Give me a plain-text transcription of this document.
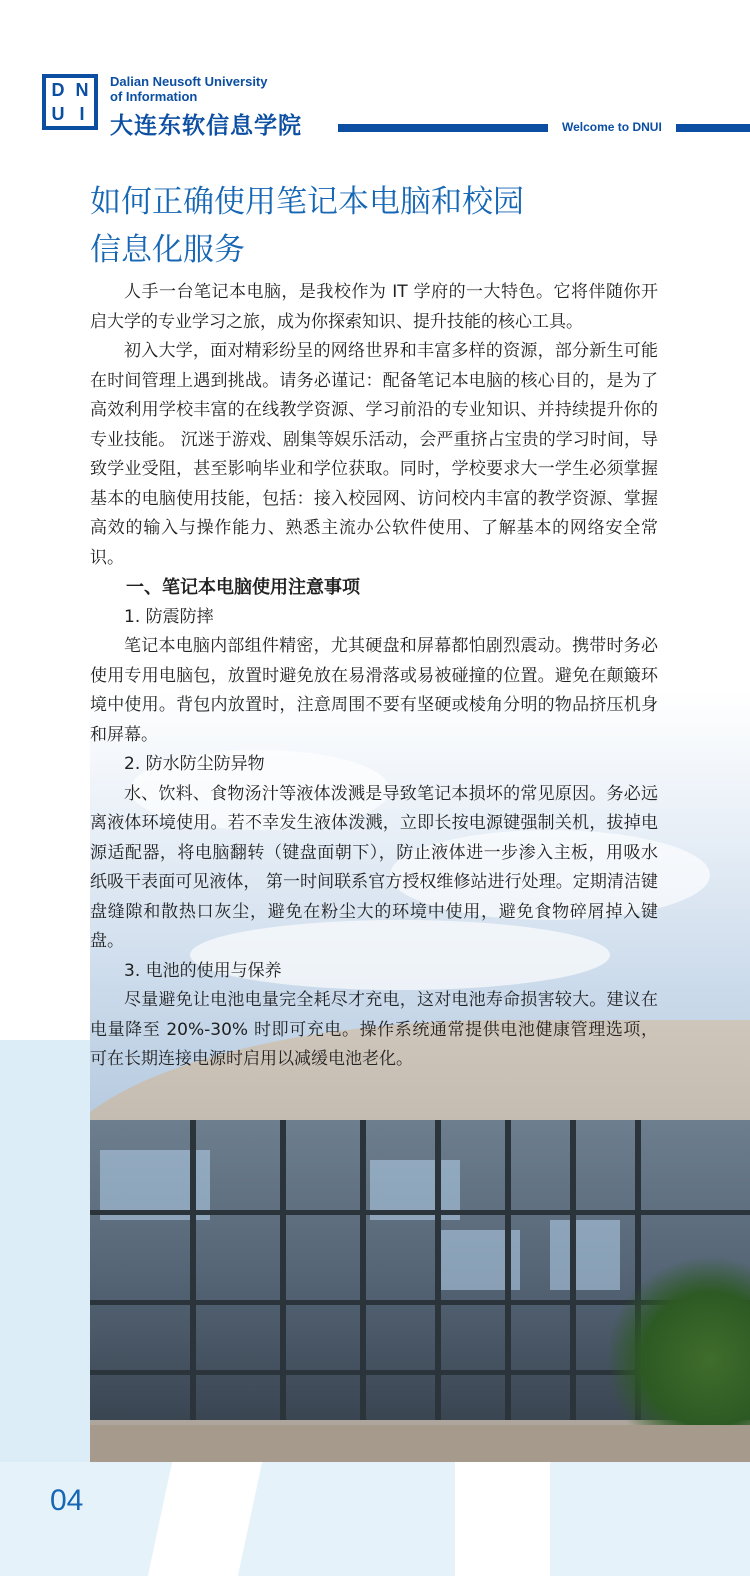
D N
U I
Dalian Neusoft University
of Information
大连东软信息学院	Welcome to DNUI
如何正确使用笔记本电脑和校园
信息化服务

人手一台笔记本电脑，是我校作为 IT 学府的一大特色。它将伴随你开启大学的专业学习之旅，成为你探索知识、提升技能的核心工具。

初入大学，面对精彩纷呈的网络世界和丰富多样的资源，部分新生可能在时间管理上遇到挑战。请务必谨记：配备笔记本电脑的核心目的，是为了高效利用学校丰富的在线教学资源、学习前沿的专业知识、并持续提升你的专业技能。 沉迷于游戏、剧集等娱乐活动，会严重挤占宝贵的学习时间，导致学业受阻，甚至影响毕业和学位获取。同时，学校要求大一学生必须掌握基本的电脑使用技能，包括：接入校园网、访问校内丰富的教学资源、掌握高效的输入与操作能力、熟悉主流办公软件使用、了解基本的网络安全常识。

一、笔记本电脑使用注意事项

1. 防震防摔

笔记本电脑内部组件精密，尤其硬盘和屏幕都怕剧烈震动。携带时务必使用专用电脑包，放置时避免放在易滑落或易被碰撞的位置。避免在颠簸环境中使用。背包内放置时，注意周围不要有坚硬或棱角分明的物品挤压机身和屏幕。

2. 防水防尘防异物

水、饮料、食物汤汁等液体泼溅是导致笔记本损坏的常见原因。务必远离液体环境使用。若不幸发生液体泼溅，立即长按电源键强制关机，拔掉电源适配器，将电脑翻转（键盘面朝下），防止液体进一步渗入主板，用吸水纸吸干表面可见液体， 第一时间联系官方授权维修站进行处理。定期清洁键盘缝隙和散热口灰尘，避免在粉尘大的环境中使用，避免食物碎屑掉入键盘。

3. 电池的使用与保养

尽量避免让电池电量完全耗尽才充电，这对电池寿命损害较大。建议在电量降至 20%-30% 时即可充电。操作系统通常提供电池健康管理选项，可在长期连接电源时启用以减缓电池老化。

04
